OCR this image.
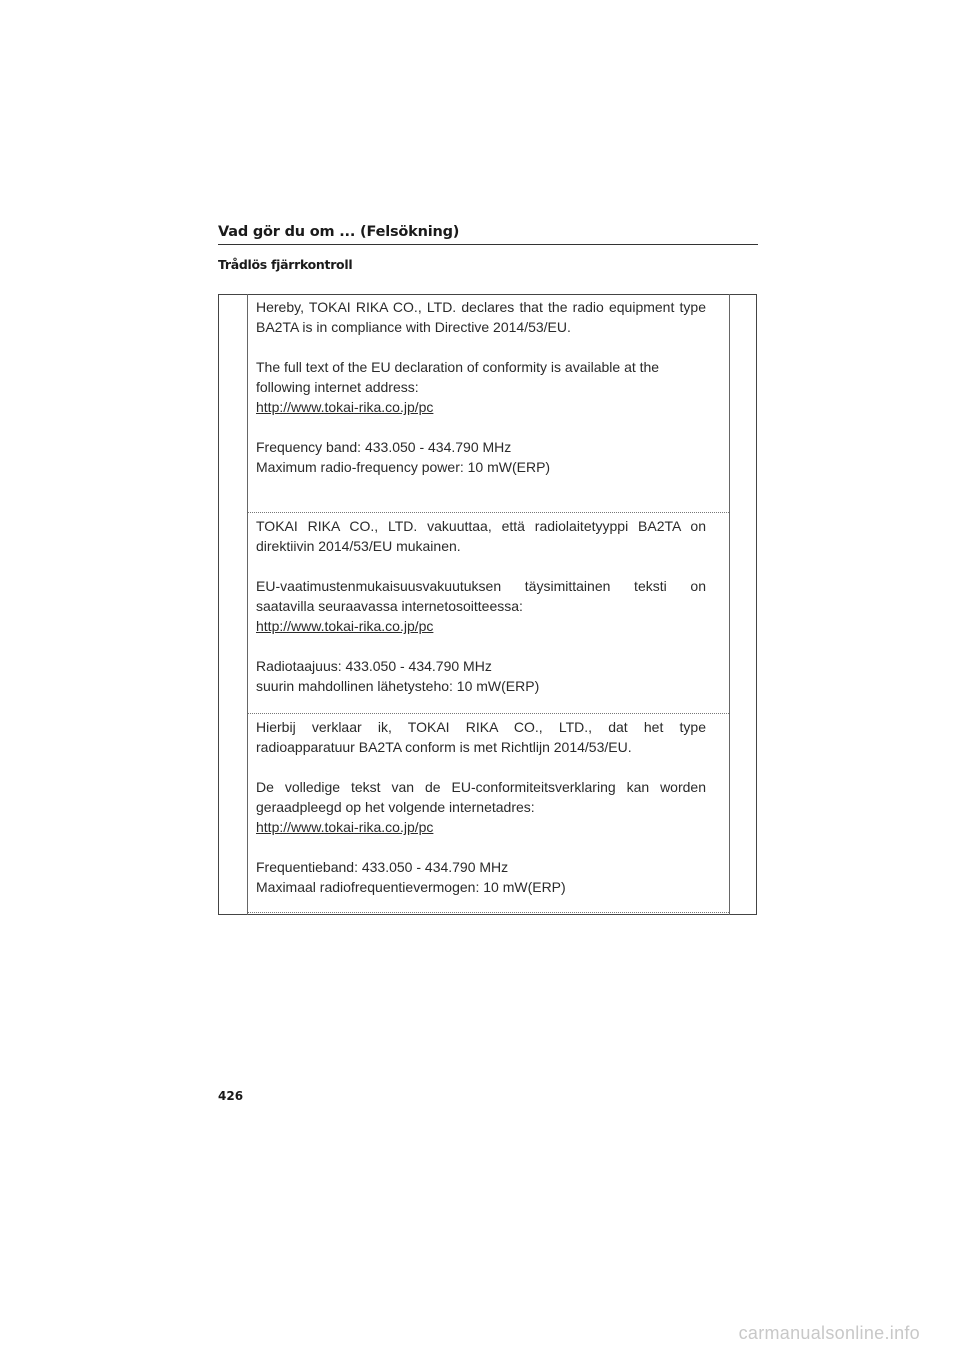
Vad gör du om ... (Felsökning)
Trådlös fjärrkontroll

Hereby, TOKAI RIKA CO., LTD. declares that the radio equipment type

BA2TA is in compliance with Directive 2014/53/EU.

The full text of the EU declaration of conformity is available at the

following internet address:

http://www.tokai-rika.co.jp/pc

Frequency band: 433.050 - 434.790 MHz

Maximum radio-frequency power: 10 mW(ERP)

TOKAI RIKA CO., LTD. vakuuttaa, että radiolaitetyyppi BA2TA on

direktiivin 2014/53/EU mukainen.

EU-vaatimustenmukaisuusvakuutuksen täysimittainen teksti on

saatavilla seuraavassa internetosoitteessa:

http://www.tokai-rika.co.jp/pc

Radiotaajuus: 433.050 - 434.790 MHz

suurin mahdollinen lähetysteho: 10 mW(ERP)

Hierbij verklaar ik, TOKAI RIKA CO., LTD., dat het type

radioapparatuur BA2TA conform is met Richtlijn 2014/53/EU.

De volledige tekst van de EU-conformiteitsverklaring kan worden

geraadpleegd op het volgende internetadres:

http://www.tokai-rika.co.jp/pc

Frequentieband: 433.050 - 434.790 MHz

Maximaal radiofrequentievermogen: 10 mW(ERP)

426
carmanualsonline.info
